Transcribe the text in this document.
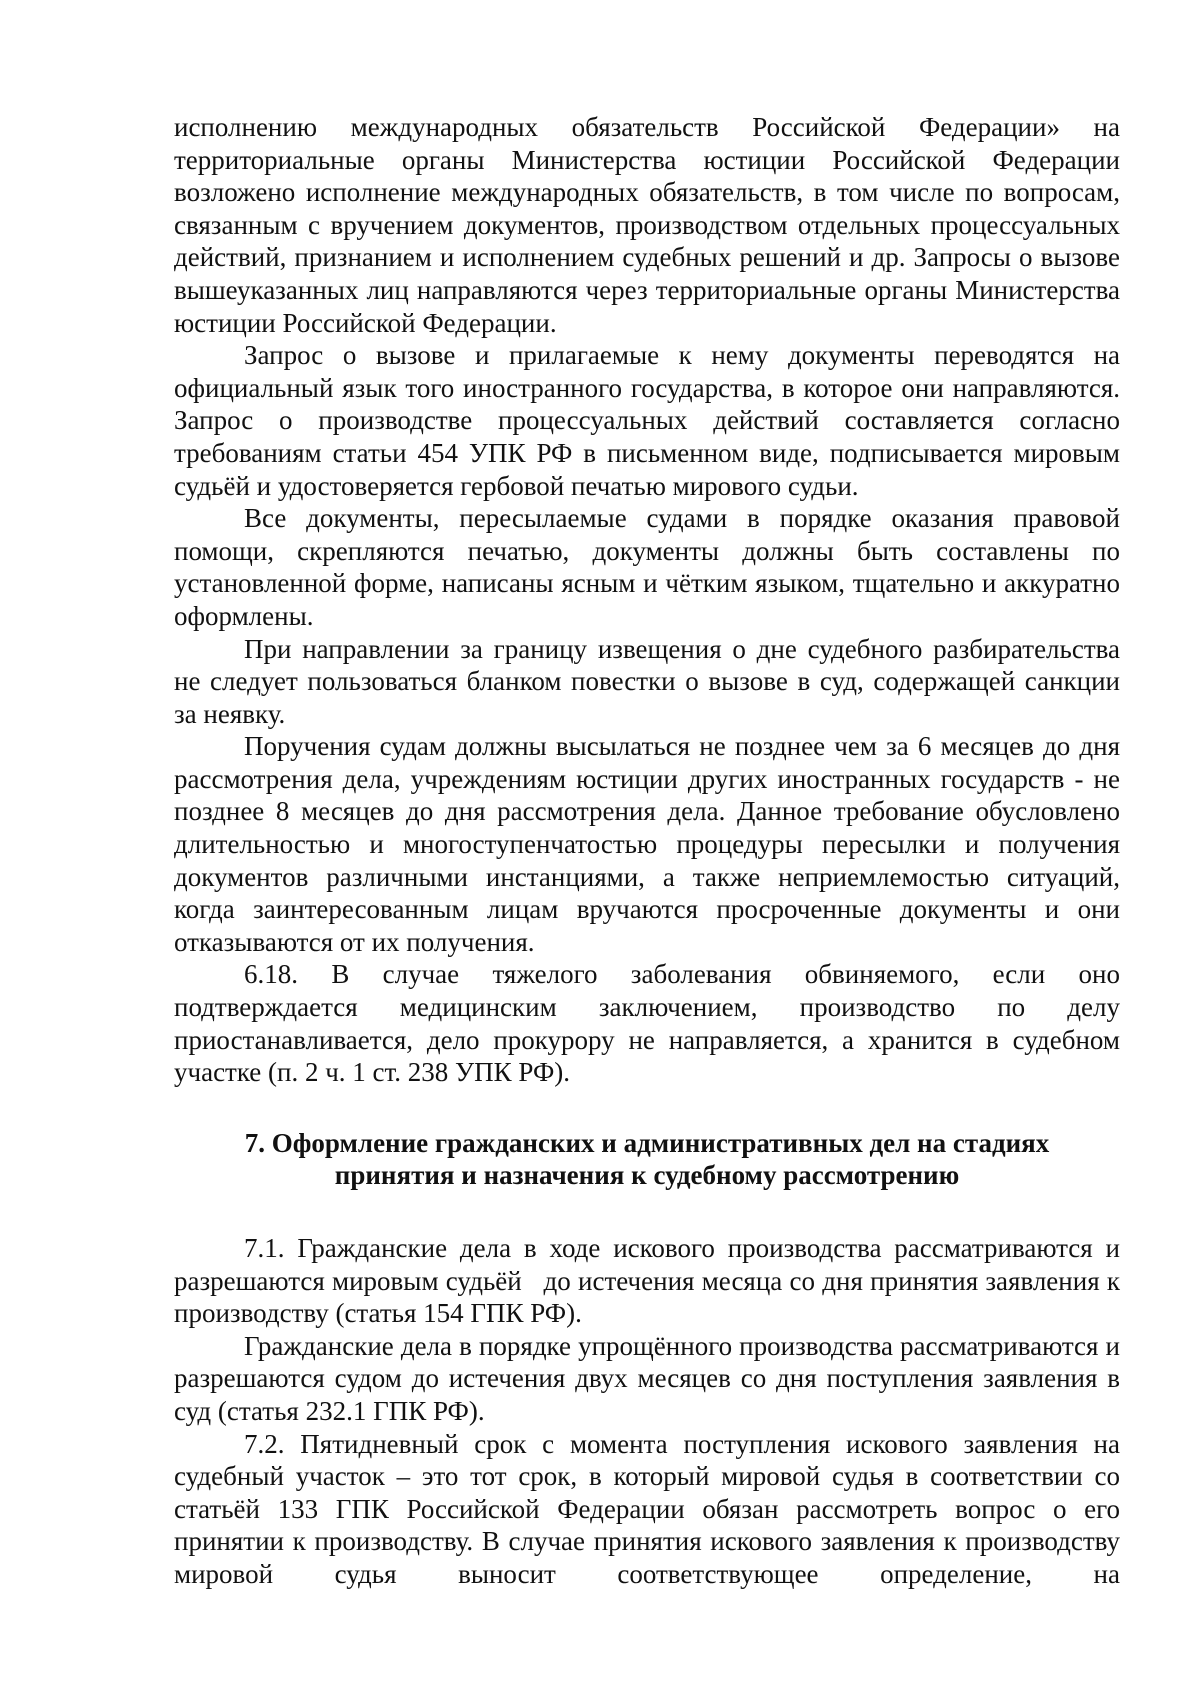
исполнению международных обязательств Российской Федерации» на территориальные органы Министерства юстиции Российской Федерации возложено исполнение международных обязательств, в том числе по вопросам, связанным с вручением документов, производством отдельных процессуальных действий, признанием и исполнением судебных решений и др. Запросы о вызове вышеуказанных лиц направляются через территориальные органы Министерства юстиции Российской Федерации.

Запрос о вызове и прилагаемые к нему документы переводятся на официальный язык того иностранного государства, в которое они направляются. Запрос о производстве процессуальных действий составляется согласно требованиям статьи 454 УПК РФ в письменном виде, подписывается мировым судьёй и удостоверяется гербовой печатью мирового судьи.

Все документы, пересылаемые судами в порядке оказания правовой помощи, скрепляются печатью, документы должны быть составлены по установленной форме, написаны ясным и чётким языком, тщательно и аккуратно оформлены.

При направлении за границу извещения о дне судебного разбирательства не следует пользоваться бланком повестки о вызове в суд, содержащей санкции за неявку.

Поручения судам должны высылаться не позднее чем за 6 месяцев до дня рассмотрения дела, учреждениям юстиции других иностранных государств - не позднее 8 месяцев до дня рассмотрения дела. Данное требование обусловлено длительностью и многоступенчатостью процедуры пересылки и получения документов различными инстанциями, а также неприемлемостью ситуаций, когда заинтересованным лицам вручаются просроченные документы и они отказываются от их получения.

6.18. В случае тяжелого заболевания обвиняемого, если оно подтверждается медицинским заключением, производство по делу приостанавливается, дело прокурору не направляется, а хранится в судебном участке (п. 2 ч. 1 ст. 238 УПК РФ).

7. Оформление гражданских и административных дел на стадиях
принятия и назначения к судебному рассмотрению

7.1. Гражданские дела в ходе искового производства рассматриваются и разрешаются мировым судьёй   до истечения месяца со дня принятия заявления к производству (статья 154 ГПК РФ).

Гражданские дела в порядке упрощённого производства рассматриваются и разрешаются судом до истечения двух месяцев со дня поступления заявления в суд (статья 232.1 ГПК РФ).

7.2. Пятидневный срок с момента поступления искового заявления на судебный участок – это тот срок, в который мировой судья в соответствии со статьёй 133 ГПК Российской Федерации обязан рассмотреть вопрос о его принятии к производству. В случае принятия искового заявления к производству мировой судья выносит соответствующее определение, на
